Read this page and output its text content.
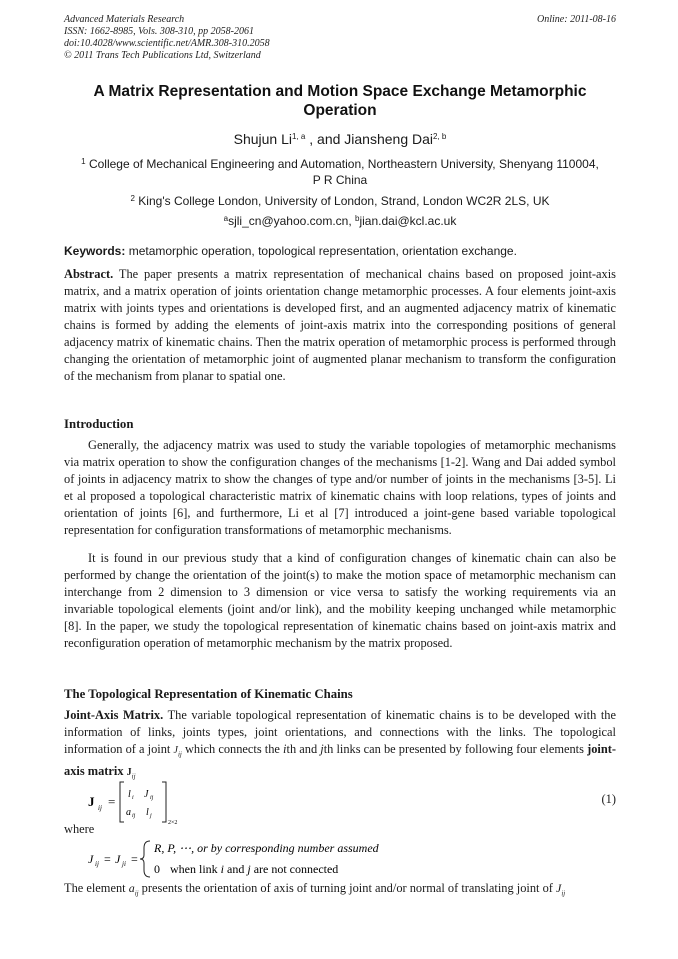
Advanced Materials Research
ISSN: 1662-8985, Vols. 308-310, pp 2058-2061
doi:10.4028/www.scientific.net/AMR.308-310.2058
© 2011 Trans Tech Publications Ltd, Switzerland
Online: 2011-08-16
A Matrix Representation and Motion Space Exchange Metamorphic
Operation
Shujun Li$^{1, a}$ , and Jiansheng Dai$^{2, b}$
$^1$ College of Mechanical Engineering and Automation, Northeastern University, Shenyang 110004,
P R China
$^2$ King's College London, University of London, Strand, London WC2R 2LS, UK
$^a$sjli_cn@yahoo.com.cn, $^b$jian.dai@kcl.ac.uk
Keywords: metamorphic operation, topological representation, orientation exchange.
Abstract. The paper presents a matrix representation of mechanical chains based on proposed joint-axis matrix, and a matrix operation of joints orientation change metamorphic processes. A four elements joint-axis matrix with joints types and orientations is developed first, and an augmented adjacency matrix of kinematic chains is formed by adding the elements of joint-axis matrix into the corresponding positions of general adjacency matrix of kinematic chains. Then the matrix operation of metamorphic process is performed through changing the orientation of metamorphic joint of augmented planar mechanism to transform the configuration of the mechanism from planar to spatial one.
Introduction
Generally, the adjacency matrix was used to study the variable topologies of metamorphic mechanisms via matrix operation to show the configuration changes of the mechanisms [1-2]. Wang and Dai added symbol of joints in adjacency matrix to show the changes of type and/or number of joints in the mechanisms [3-5]. Li et al proposed a topological characteristic matrix of kinematic chains with loop relations, types of joints and orientation of joints [6], and furthermore, Li et al [7] introduced a joint-gene based variable topological representation for configuration transformations of metamorphic mechanisms.
It is found in our previous study that a kind of configuration changes of kinematic chain can also be performed by change the orientation of the joint(s) to make the motion space of metamorphic mechanism can interchange from 2 dimension to 3 dimension or vice versa to satisfy the working requirements via an invariable topological elements (joint and/or link), and the mobility keeping unchanged while metamorphic [8]. In the paper, we study the topological representation of kinematic chains based on joint-axis matrix and reconfiguration operation of metamorphic mechanism by the matrix proposed.
The Topological Representation of Kinematic Chains
Joint-Axis Matrix. The variable topological representation of kinematic chains is to be developed with the information of links, joints types, joint orientations, and connections with the links. The topological information of a joint $J_{ij}$ which connects the ith and jth links can be presented by following four elements joint-axis matrix $J_{ij}$
J ij = l i J ij
a ij l j
2×2
(1)
where
J ij = J ji =
R, P, ⋯, or by corresponding number assumed
0 when link i and j are not connected
The element $a_{ij}$ presents the orientation of axis of turning joint and/or normal of translating joint of $J_{ij}$
